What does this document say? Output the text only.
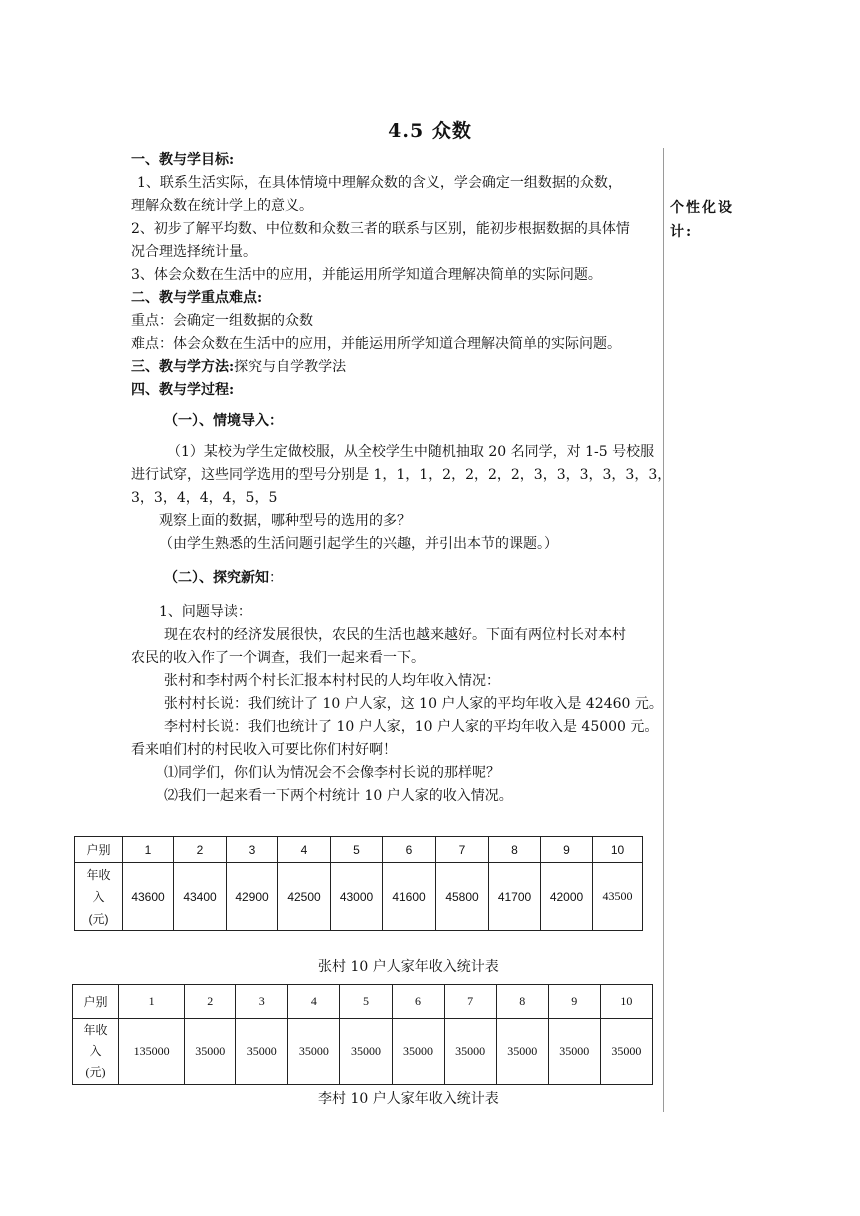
4.5 众数
个性化设计:
一、教与学目标:
1、联系生活实际，在具体情境中理解众数的含义，学会确定一组数据的众数，
理解众数在统计学上的意义。
2、初步了解平均数、中位数和众数三者的联系与区别，能初步根据数据的具体情
况合理选择统计量。
3、体会众数在生活中的应用，并能运用所学知道合理解决简单的实际问题。
二、教与学重点难点:
重点：会确定一组数据的众数
难点：体会众数在生活中的应用，并能运用所学知道合理解决简单的实际问题。
三、教与学方法:探究与自学教学法
四、教与学过程:
（一）、情境导入：
（1）某校为学生定做校服，从全校学生中随机抽取 20 名同学，对 1-5 号校服
进行试穿，这些同学选用的型号分别是 1，1，1，2，2，2，2，3，3，3，3，3，3，
3，3，4，4，4，5，5
观察上面的数据，哪种型号的选用的多？
（由学生熟悉的生活问题引起学生的兴趣，并引出本节的课题。）
（二）、探究新知：
1、问题导读：
现在农村的经济发展很快，农民的生活也越来越好。下面有两位村长对本村
农民的收入作了一个调查，我们一起来看一下。
张村和李村两个村长汇报本村村民的人均年收入情况：
张村村长说：我们统计了 10 户人家，这 10 户人家的平均年收入是 42460 元。
李村村长说：我们也统计了 10 户人家，10 户人家的平均年收入是 45000 元。
看来咱们村的村民收入可要比你们村好啊！
⑴同学们，你们认为情况会不会像李村长说的那样呢？
⑵我们一起来看一下两个村统计 10 户人家的收入情况。
户别	1	2	3	4	5	6	7	8	9	10

年收
入
(元)	43600	43400	42900	42500	43000	41600	45800	41700	42000	43500
张村 10 户人家年收入统计表
户别	1	2	3	4	5	6	7	8	9	10

年收
入
(元)	135000	35000	35000	35000	35000	35000	35000	35000	35000	35000
李村 10 户人家年收入统计表
